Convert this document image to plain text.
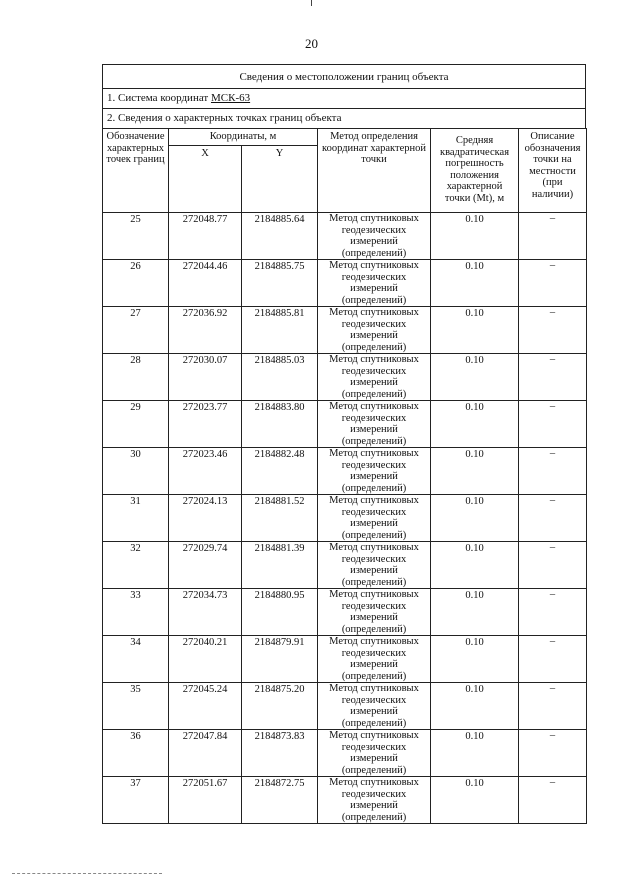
20
Сведения о местоположении границ объекта
1. Система координат МСК-63
2. Сведения о характерных точках границ объекта
Обозначение характерных точек границ	Координаты, м		Метод определения координат характерной точки	Средняя квадратическая погрешность положения характерной точки (Mt), м	Описание обозначения точки на местности (при наличии)
	X	Y			
25	272048.77	2184885.64	Метод спутниковых геодезических измерений (определений)	0.10	–
26	272044.46	2184885.75	Метод спутниковых геодезических измерений (определений)	0.10	–
27	272036.92	2184885.81	Метод спутниковых геодезических измерений (определений)	0.10	–
28	272030.07	2184885.03	Метод спутниковых геодезических измерений (определений)	0.10	–
29	272023.77	2184883.80	Метод спутниковых геодезических измерений (определений)	0.10	–
30	272023.46	2184882.48	Метод спутниковых геодезических измерений (определений)	0.10	–
31	272024.13	2184881.52	Метод спутниковых геодезических измерений (определений)	0.10	–
32	272029.74	2184881.39	Метод спутниковых геодезических измерений (определений)	0.10	–
33	272034.73	2184880.95	Метод спутниковых геодезических измерений (определений)	0.10	–
34	272040.21	2184879.91	Метод спутниковых геодезических измерений (определений)	0.10	–
35	272045.24	2184875.20	Метод спутниковых геодезических измерений (определений)	0.10	–
36	272047.84	2184873.83	Метод спутниковых геодезических измерений (определений)	0.10	–
37	272051.67	2184872.75	Метод спутниковых геодезических измерений (определений)	0.10	–
